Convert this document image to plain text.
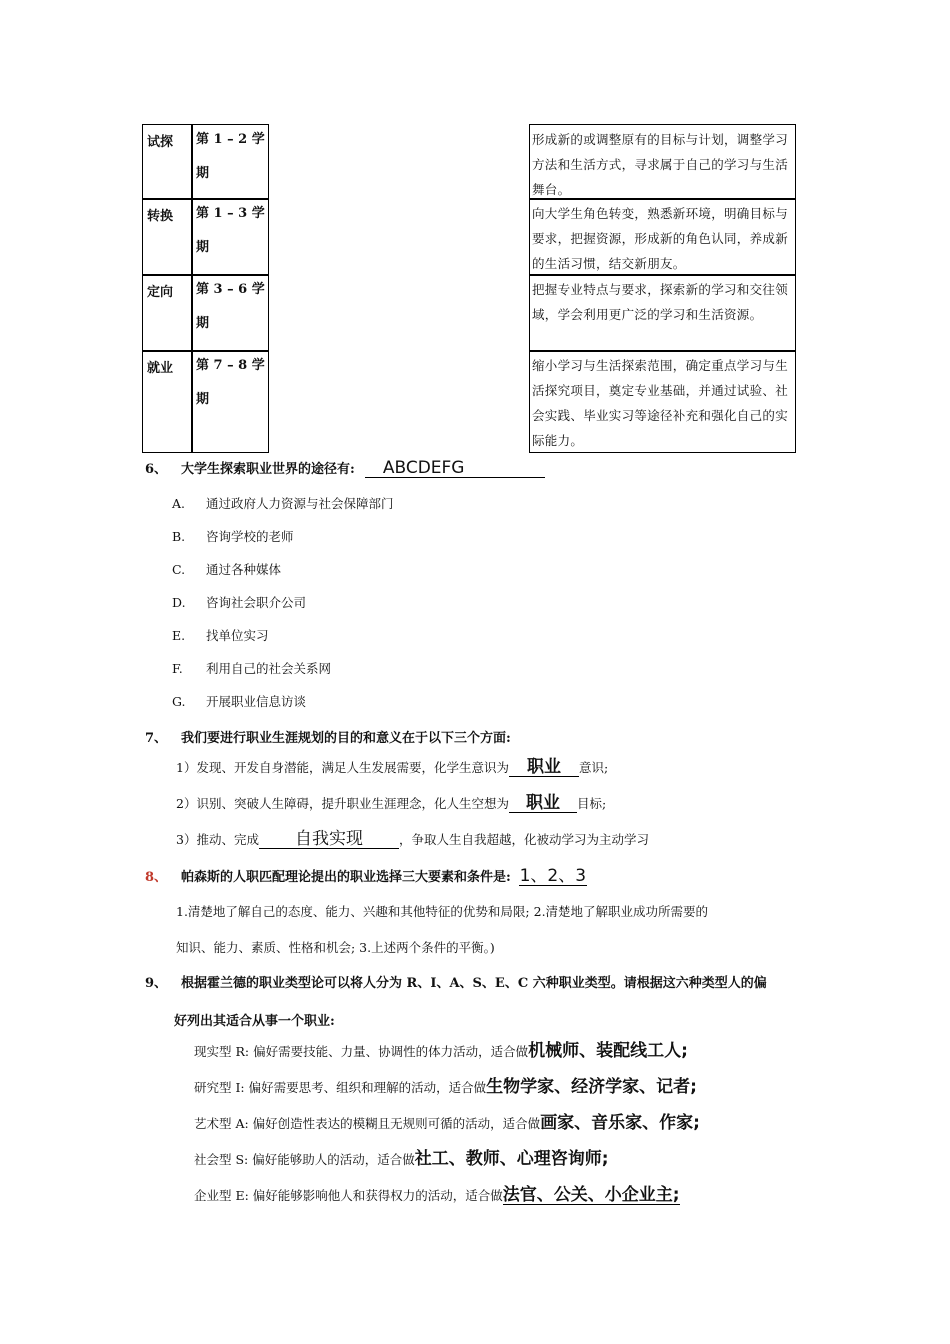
试探 第 1 – 2 学期
转换 第 1 – 3 学期
定向 第 3 – 6 学期
就业 第 7 – 8 学期
形成新的或调整原有的目标与计划，调整学习方法和生活方式，寻求属于自己的学习与生活舞台。
向大学生角色转变，熟悉新环境，明确目标与要求，把握资源，形成新的角色认同，养成新的生活习惯，结交新朋友。
把握专业特点与要求，探索新的学习和交往领域，学会利用更广泛的学习和生活资源。
缩小学习与生活探索范围，确定重点学习与生活探究项目，奠定专业基础，并通过试验、社会实践、毕业实习等途径补充和强化自己的实际能力。
6、 大学生探索职业世界的途径有: ABCDEFG
A. 通过政府人力资源与社会保障部门
B. 咨询学校的老师
C. 通过各种媒体
D. 咨询社会职介公司
E. 找单位实习
F. 利用自己的社会关系网
G. 开展职业信息访谈
7、 我们要进行职业生涯规划的目的和意义在于以下三个方面:
1）发现、开发自身潜能，满足人生发展需要，化学生意识为 职业 意识;
2）识别、突破人生障碍，提升职业生涯理念，化人生空想为 职业 目标;
3）推动、完成 自我实现	，争取人生自我超越，化被动学习为主动学习
8、 帕森斯的人职匹配理论提出的职业选择三大要素和条件是: 1、2、3
1.清楚地了解自己的态度、能力、兴趣和其他特征的优势和局限; 2.清楚地了解职业成功所需要的
知识、能力、素质、性格和机会; 3.上述两个条件的平衡。)
9、 根据霍兰德的职业类型论可以将人分为 R、I、A、S、E、C 六种职业类型。请根据这六种类型人的偏
好列出其适合从事一个职业:
现实型 R: 偏好需要技能、力量、协调性的体力活动，适合做机械师、装配线工人;
研究型 I: 偏好需要思考、组织和理解的活动，适合做生物学家、经济学家、记者;
艺术型 A: 偏好创造性表达的模糊且无规则可循的活动，适合做画家、音乐家、作家;
社会型 S: 偏好能够助人的活动，适合做社工、教师、心理咨询师;
企业型 E: 偏好能够影响他人和获得权力的活动，适合做法官、公关、小企业主;
